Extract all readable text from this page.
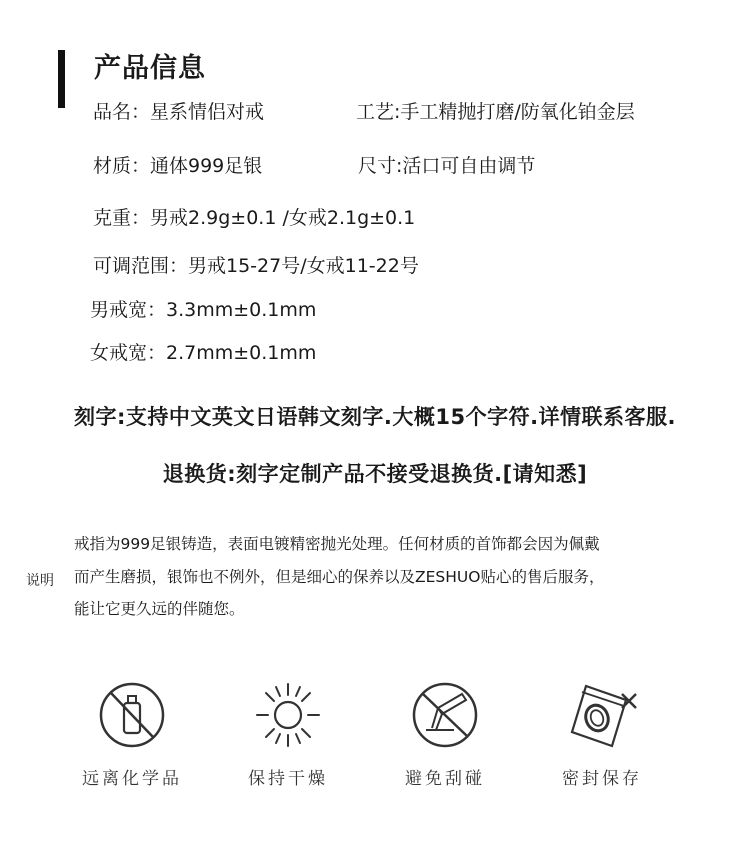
产品信息
品名：星系情侣对戒	工艺:手工精抛打磨/防氧化铂金层
材质：通体999足银	尺寸:活口可自由调节
克重：男戒2.9g±0.1 /女戒2.1g±0.1
可调范围：男戒15-27号/女戒11-22号
男戒宽：3.3mm±0.1mm
女戒宽：2.7mm±0.1mm
刻字:支持中文英文日语韩文刻字.大概15个字符.详情联系客服.
退换货:刻字定制产品不接受退换货.[请知悉]
说明
戒指为999足银铸造，表面电镀精密抛光处理。任何材质的首饰都会因为佩戴
而产生磨损，银饰也不例外，但是细心的保养以及ZESHUO贴心的售后服务，
能让它更久远的伴随您。
远离化学品	保持干燥	避免刮碰	密封保存
